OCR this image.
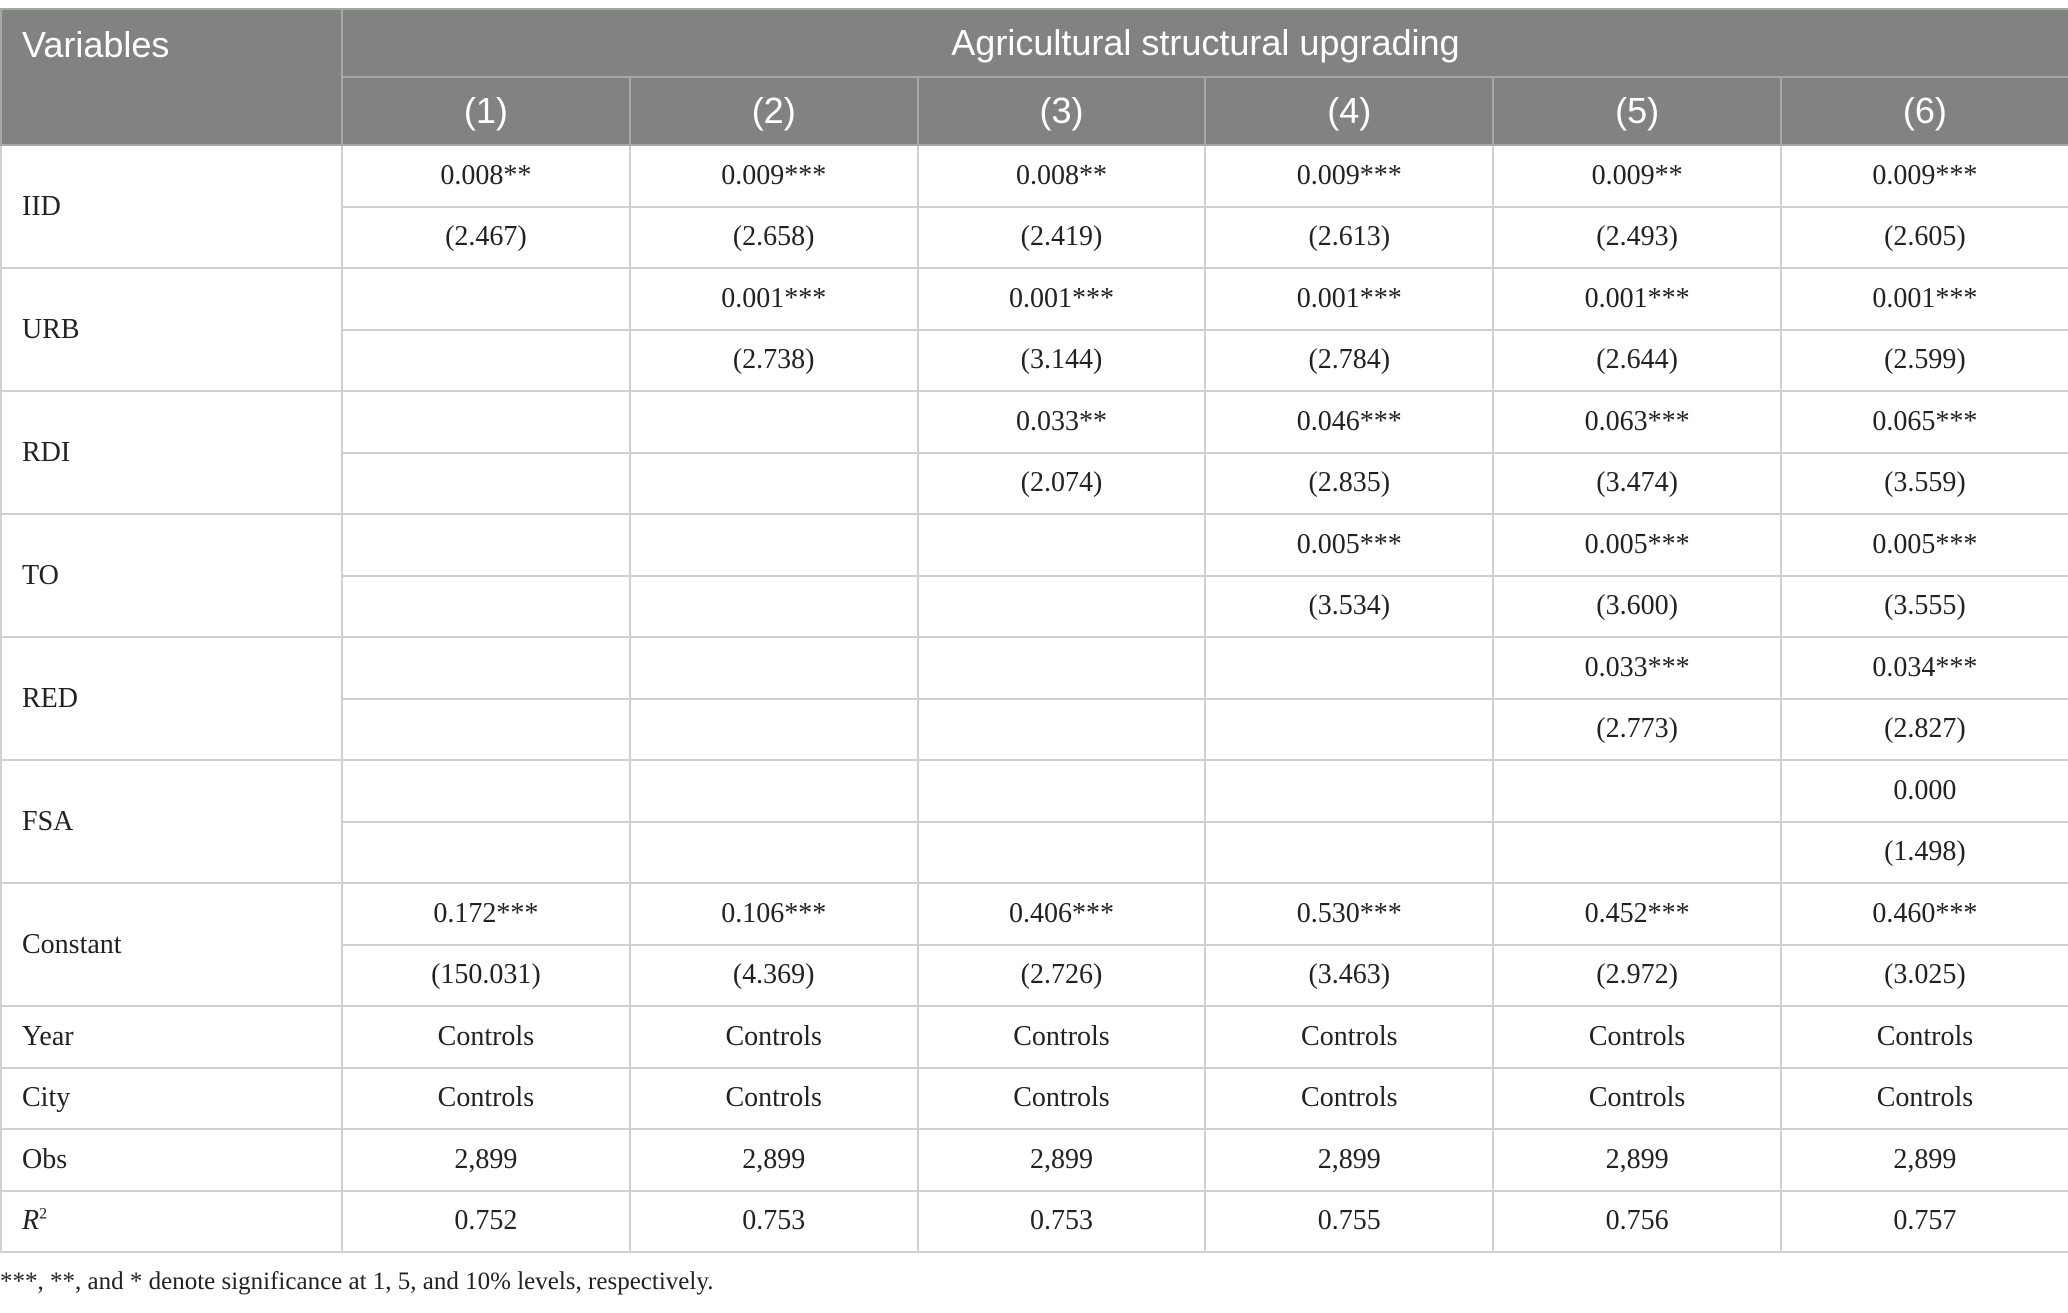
Variables	Agricultural structural upgrading					
	(1)	(2)	(3)	(4)	(5)	(6)
IID	0.008**	0.009***	0.008**	0.009***	0.009**	0.009***
	(2.467)	(2.658)	(2.419)	(2.613)	(2.493)	(2.605)
URB		0.001***	0.001***	0.001***	0.001***	0.001***
		(2.738)	(3.144)	(2.784)	(2.644)	(2.599)
RDI			0.033**	0.046***	0.063***	0.065***
			(2.074)	(2.835)	(3.474)	(3.559)
TO				0.005***	0.005***	0.005***
				(3.534)	(3.600)	(3.555)
RED					0.033***	0.034***
					(2.773)	(2.827)
FSA						0.000
						(1.498)
Constant	0.172***	0.106***	0.406***	0.530***	0.452***	0.460***
	(150.031)	(4.369)	(2.726)	(3.463)	(2.972)	(3.025)
Year	Controls	Controls	Controls	Controls	Controls	Controls
City	Controls	Controls	Controls	Controls	Controls	Controls
Obs	2,899	2,899	2,899	2,899	2,899	2,899
$R^2$	0.752	0.753	0.753	0.755	0.756	0.757
***, **, and * denote significance at 1, 5, and 10% levels, respectively.
